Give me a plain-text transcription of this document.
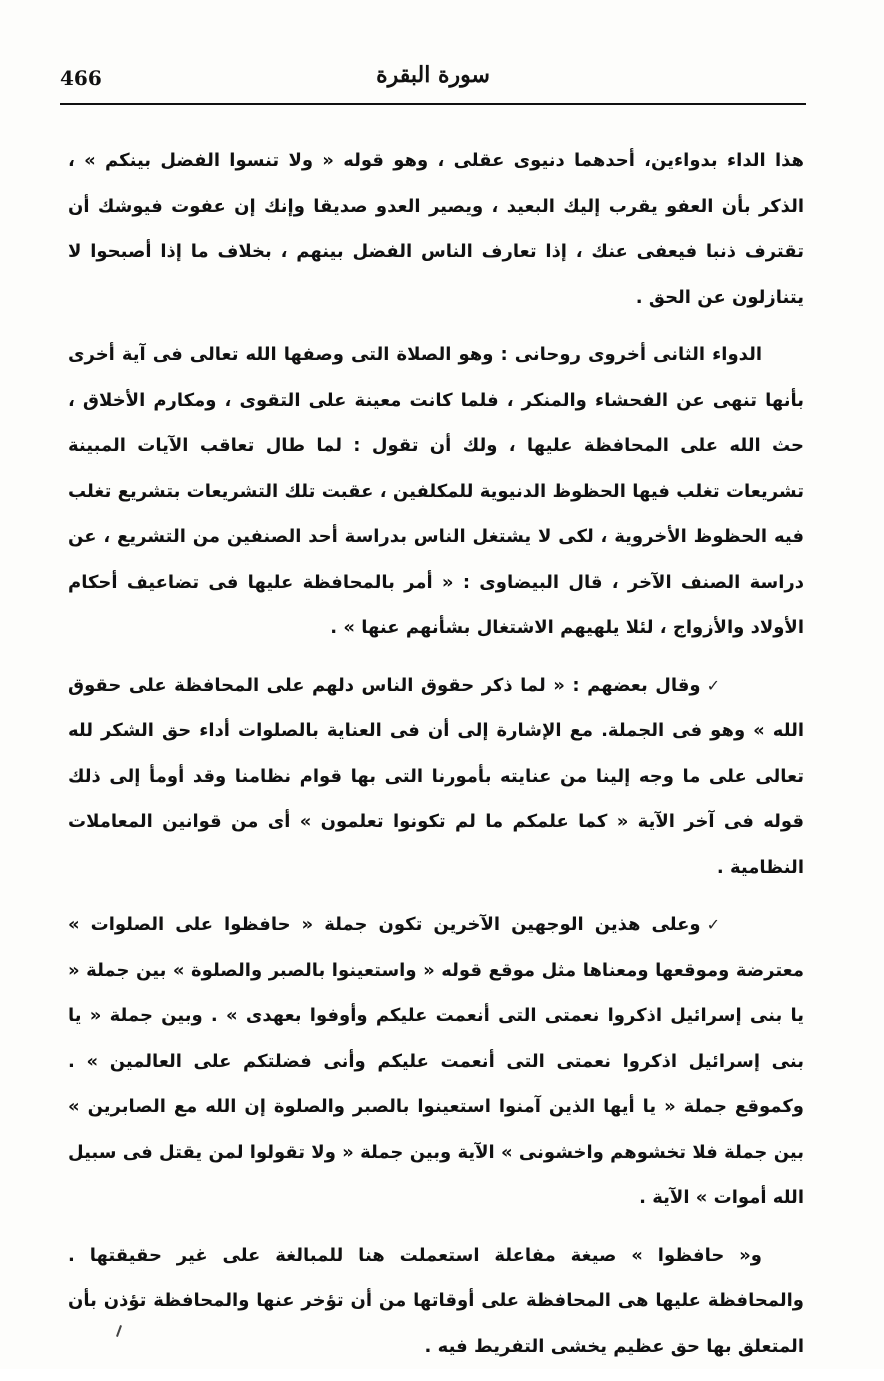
466	سورة البقرة

هذا الداء بدواءين، أحدهما دنيوى عقلى ، وهو قوله « ولا تنسوا الفضل بينكم » ، الذكر بأن العفو يقرب إليك البعيد ، ويصير العدو صديقا وإنك إن عفوت فيوشك أن تقترف ذنبا فيعفى عنك ، إذا تعارف الناس الفضل بينهم ، بخلاف ما إذا أصبحوا لا يتنازلون عن الحق .

الدواء الثانى أخروى روحانى : وهو الصلاة التى وصفها الله تعالى فى آية أخرى بأنها تنهى عن الفحشاء والمنكر ، فلما كانت معينة على التقوى ، ومكارم الأخلاق ، حث الله على المحافظة عليها ، ولك أن تقول : لما طال تعاقب الآيات المبينة تشريعات تغلب فيها الحظوظ الدنيوية للمكلفين ، عقبت تلك التشريعات بتشريع تغلب فيه الحظوظ الأخروية ، لكى لا يشتغل الناس بدراسة أحد الصنفين من التشريع ، عن دراسة الصنف الآخر ، قال البيضاوى : « أمر بالمحافظة عليها فى تضاعيف أحكام الأولاد والأزواج ، لئلا يلهيهم الاشتغال بشأنهم عنها » .

✓وقال بعضهم : « لما ذكر حقوق الناس دلهم على المحافظة على حقوق الله » وهو فى الجملة. مع الإشارة إلى أن فى العناية بالصلوات أداء حق الشكر لله تعالى على ما وجه إلينا من عنايته بأمورنا التى بها قوام نظامنا وقد أومأ إلى ذلك قوله فى آخر الآية « كما علمكم ما لم تكونوا تعلمون » أى من قوانين المعاملات النظامية .

✓وعلى هذين الوجهين الآخرين تكون جملة « حافظوا على الصلوات » معترضة وموقعها ومعناها مثل موقع قوله « واستعينوا بالصبر والصلوة » بين جملة « يا بنى إسرائيل اذكروا نعمتى التى أنعمت عليكم وأوفوا بعهدى » . وبين جملة « يا بنى إسرائيل اذكروا نعمتى التى أنعمت عليكم وأنى فضلتكم على العالمين » . وكموقع جملة « يا أيها الذين آمنوا استعينوا بالصبر والصلوة إن الله مع الصابرين » بين جملة فلا تخشوهم واخشونى » الآية وبين جملة « ولا تقولوا لمن يقتل فى سبيل الله أموات » الآية .

و« حافظوا » صيغة مفاعلة استعملت هنا للمبالغة على غير حقيقتها . والمحافظة عليها هى المحافظة على أوقاتها من أن تؤخر عنها والمحافظة تؤذن بأن المتعلق بها حق عظيم يخشى التفريط فيه .
